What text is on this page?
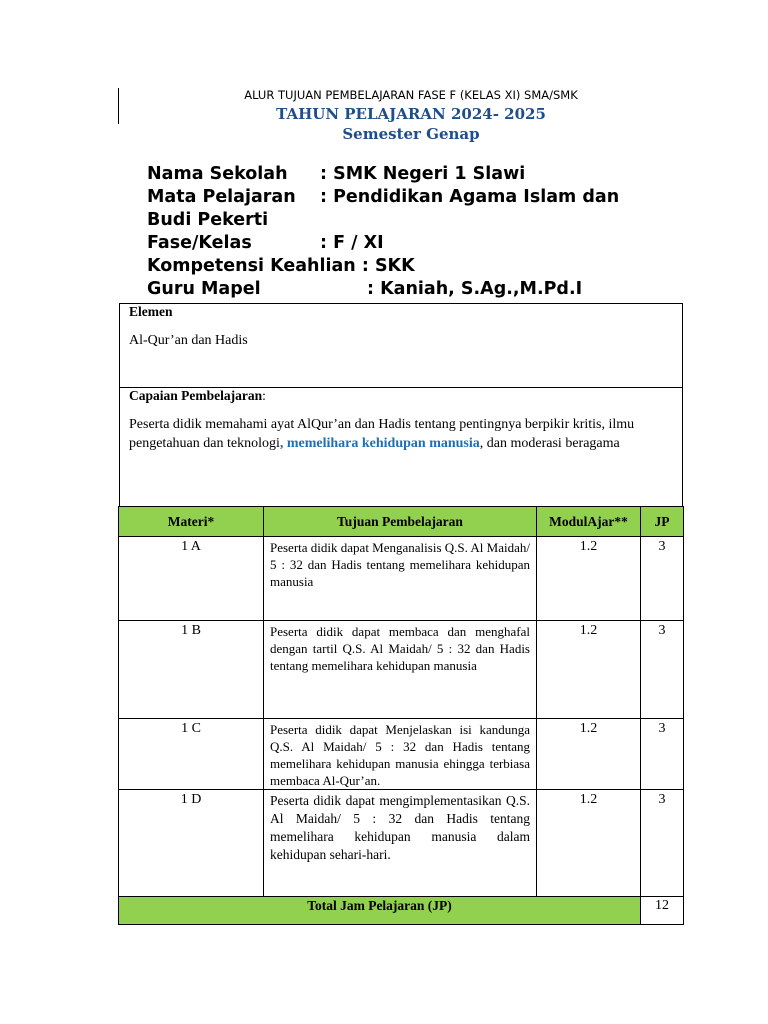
ALUR TUJUAN PEMBELAJARAN FASE F (KELAS XI) SMA/SMK
TAHUN PELAJARAN 2024- 2025
Semester Genap
Nama Sekolah : SMK Negeri 1 Slawi
Mata Pelajaran : Pendidikan Agama Islam dan
Budi Pekerti
Fase/Kelas	: F / XI
Kompetensi Keahlian : SKK
Guru Mapel	: Kaniah, S.Ag.,M.Pd.I
Elemen
Al-Qur’an dan Hadis
Capaian Pembelajaran:
Peserta didik memahami ayat AlQur’an dan Hadis tentang pentingnya berpikir kritis, ilmu pengetahuan dan teknologi, memelihara kehidupan manusia, dan moderasi beragama
Materi*	Tujuan Pembelajaran	ModulAjar**	JP
1 A	Peserta didik dapat Menganalisis Q.S. Al Maidah/ 5 : 32 dan Hadis tentang memelihara kehidupan manusia	1.2	3
1 B	Peserta didik dapat membaca dan menghafal dengan tartil Q.S. Al Maidah/ 5 : 32 dan Hadis tentang memelihara kehidupan manusia	1.2	3
1 C	Peserta didik dapat Menjelaskan isi kandunga Q.S. Al Maidah/ 5 : 32 dan Hadis tentang memelihara kehidupan manusia ehingga terbiasa membaca Al-Qur’an.	1.2	3
1 D	Peserta didik dapat mengimplementasikan Q.S. Al Maidah/ 5 : 32 dan Hadis tentang memelihara kehidupan manusia dalam kehidupan sehari-hari.	1.2	3
Total Jam Pelajaran (JP)			12
